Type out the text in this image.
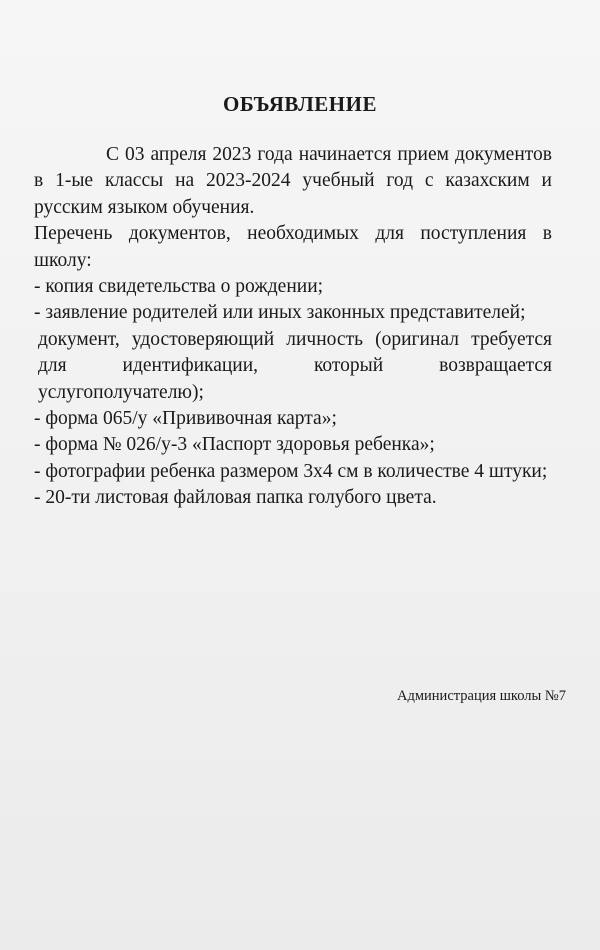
ОБЪЯВЛЕНИЕ

С 03 апреля 2023 года начинается прием документов в 1-ые классы на 2023-2024 учебный год с казахским и русским языком обучения.

Перечень документов, необходимых для поступления в школу:

- копия свидетельства о рождении;
- заявление родителей или иных законных представителей;
документ, удостоверяющий личность (оригинал требуется для идентификации, который возвращается услугополучателю);
- форма 065/у «Прививочная карта»;
- форма № 026/у-3 «Паспорт здоровья ребенка»;
- фотографии ребенка размером 3х4 см в количестве 4 штуки;
- 20-ти листовая файловая папка голубого цвета.
Администрация школы №7
